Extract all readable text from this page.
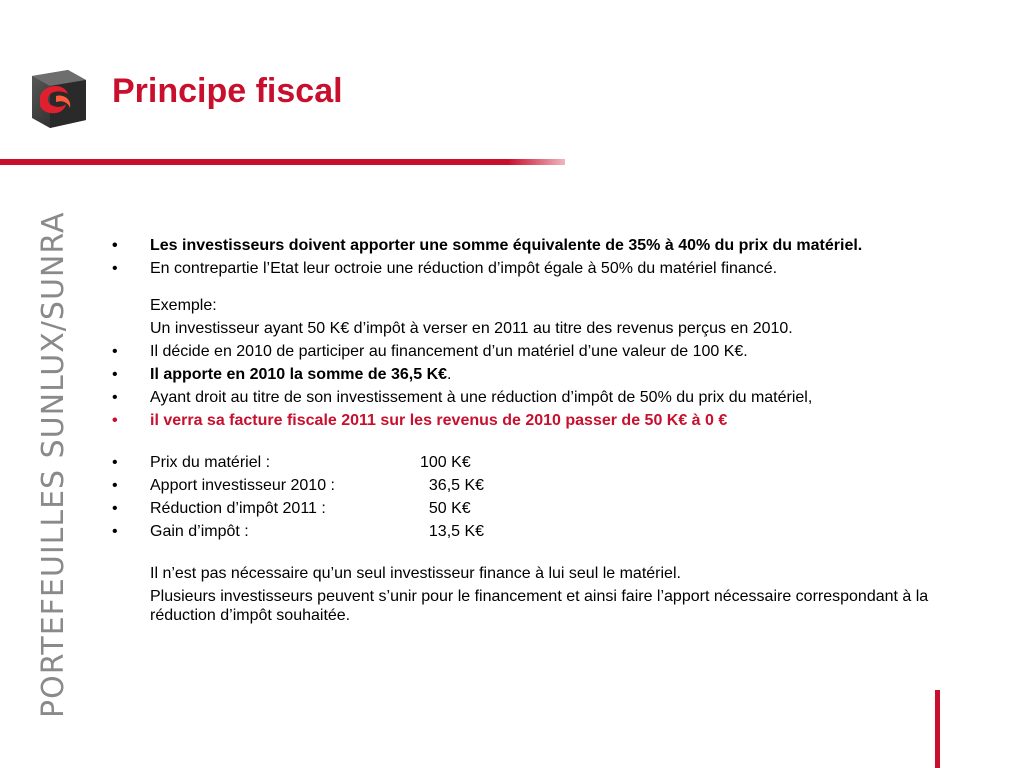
Principe fiscal
PORTEFEUILLES SUNLUX/SUNRA	• Les investisseurs doivent apporter une somme équivalente de 35% à 40% du prix du matériel.
• En contrepartie l’Etat leur octroie une réduction d’impôt égale à 50% du matériel financé.
Exemple:
Un investisseur ayant 50 K€ d’impôt à verser en 2011 au titre des revenus perçus en 2010.
• Il décide en 2010 de participer au financement d’un matériel d’une valeur de 100 K€.
• Il apporte en 2010 la somme de 36,5 K€.
• Ayant droit au titre de son investissement à une réduction d’impôt de 50% du prix du matériel,
• il verra sa facture fiscale 2011 sur les revenus de 2010 passer de 50 K€ à 0 €
• Prix du matériel :	100 K€
• Apport investisseur 2010 :	36,5 K€
• Réduction d’impôt 2011 :	50 K€
• Gain d’impôt :	13,5 K€
Il n’est pas nécessaire qu’un seul investisseur finance à lui seul le matériel.
Plusieurs investisseurs peuvent s’unir pour le financement et ainsi faire l’apport nécessaire correspondant à la réduction d’impôt souhaitée.
